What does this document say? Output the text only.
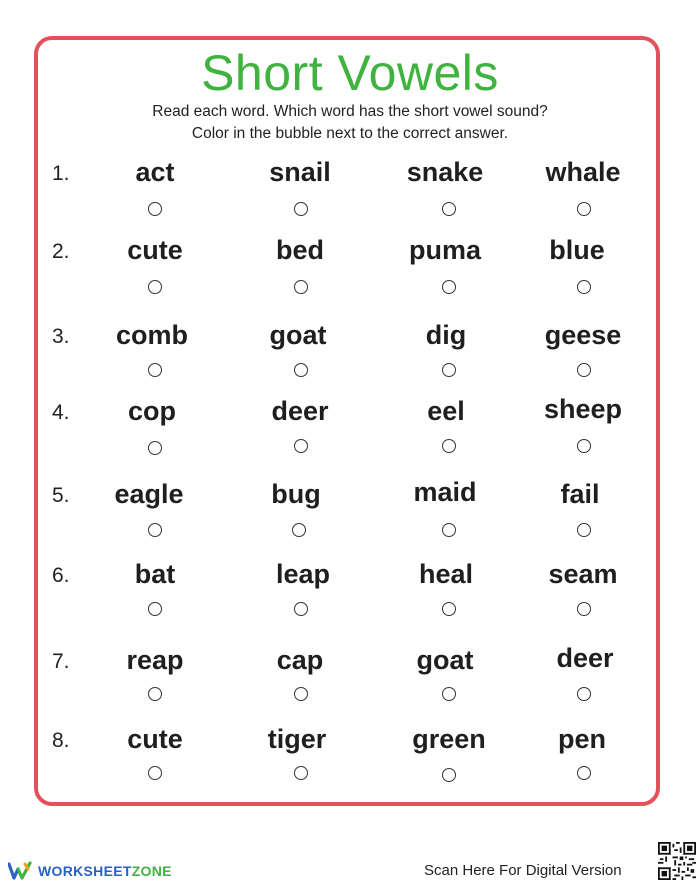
Short Vowels
Read each word. Which word has the short vowel sound?
Color in the bubble next to the correct answer.
1.	act	snail	snake	whale
2.	cute	bed	puma	blue
3.	comb	goat	dig	geese
4.	cop	deer	eel	sheep
5.	eagle	bug	maid	fail
6.	bat	leap	heal	seam
7.	reap	cap	goat	deer
8.	cute	tiger	green	pen
WORKSHEETZONE	Scan Here For Digital Version
